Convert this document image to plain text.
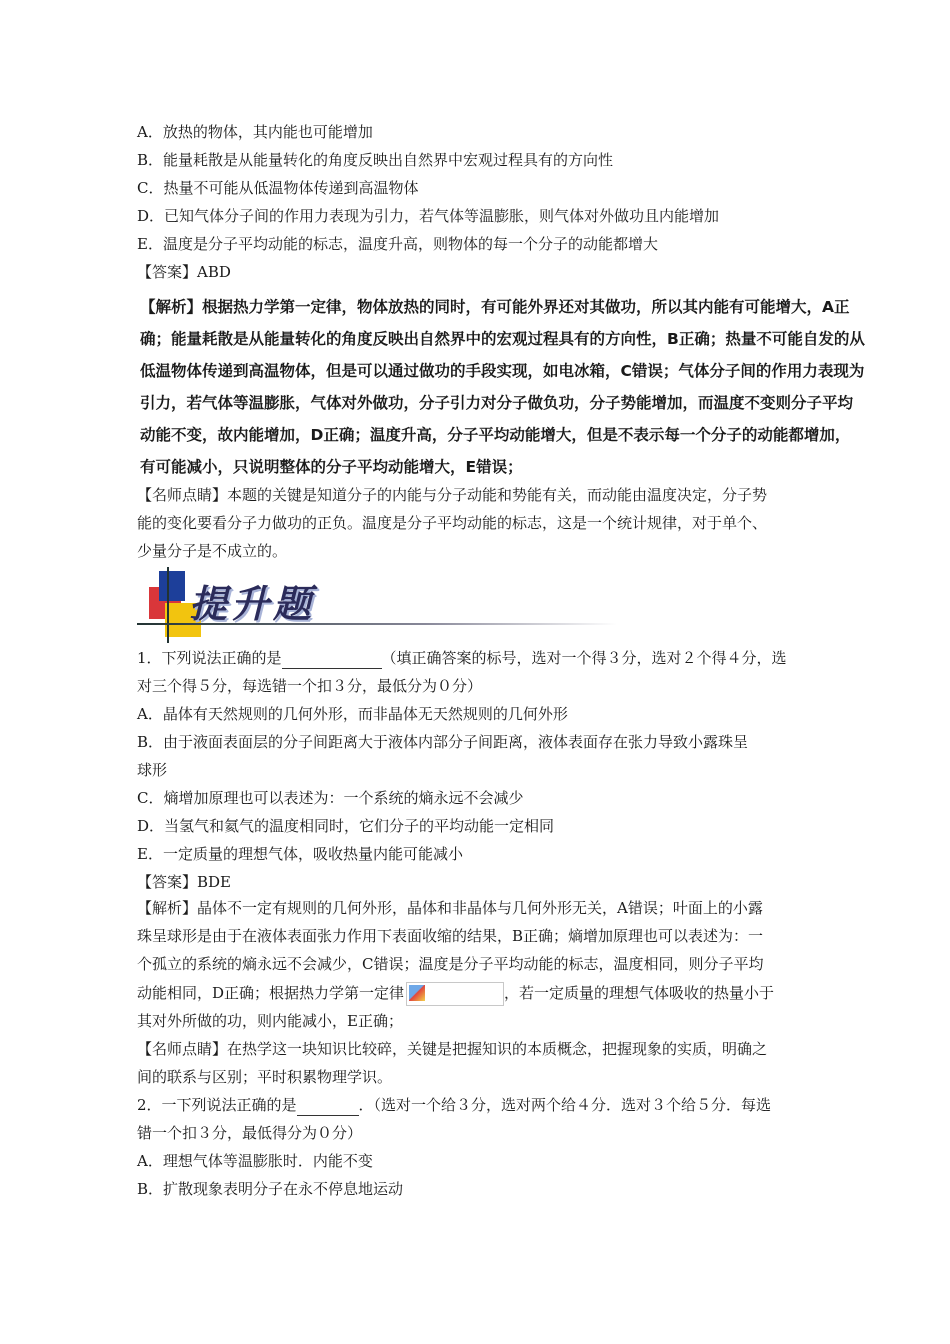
A．放热的物体，其内能也可能增加
B．能量耗散是从能量转化的角度反映出自然界中宏观过程具有的方向性
C．热量不可能从低温物体传递到高温物体
D．已知气体分子间的作用力表现为引力，若气体等温膨胀，则气体对外做功且内能增加
E．温度是分子平均动能的标志，温度升高，则物体的每一个分子的动能都增大
【答案】ABD
【解析】根据热力学第一定律，物体放热的同时，有可能外界还对其做功，所以其内能有可能增大，A正
确；能量耗散是从能量转化的角度反映出自然界中的宏观过程具有的方向性，B正确；热量不可能自发的从
低温物体传递到高温物体，但是可以通过做功的手段实现，如电冰箱，C错误；气体分子间的作用力表现为
引力，若气体等温膨胀，气体对外做功，分子引力对分子做负功，分子势能增加，而温度不变则分子平均
动能不变，故内能增加，D正确；温度升高，分子平均动能增大，但是不表示每一个分子的动能都增加，
有可能减小，只说明整体的分子平均动能增大，E错误；
【名师点睛】本题的关键是知道分子的内能与分子动能和势能有关，而动能由温度决定，分子势
能的变化要看分子力做功的正负。温度是分子平均动能的标志，这是一个统计规律，对于单个、
少量分子是不成立的。
提升题
1．下列说法正确的是	（填正确答案的标号，选对一个得３分，选对２个得４分，选
对三个得５分，每选错一个扣３分，最低分为０分）
A．晶体有天然规则的几何外形，而非晶体无天然规则的几何外形
B．由于液面表面层的分子间距离大于液体内部分子间距离，液体表面存在张力导致小露珠呈
球形
C．熵增加原理也可以表述为：一个系统的熵永远不会减少
D．当氢气和氦气的温度相同时，它们分子的平均动能一定相同
E．一定质量的理想气体，吸收热量内能可能减小
【答案】BDE
【解析】晶体不一定有规则的几何外形，晶体和非晶体与几何外形无关，A错误；叶面上的小露
珠呈球形是由于在液体表面张力作用下表面收缩的结果，B正确；熵增加原理也可以表述为：一
个孤立的系统的熵永远不会减少，C错误；温度是分子平均动能的标志，温度相同，则分子平均
动能相同，D正确；根据热力学第一定律	，若一定质量的理想气体吸收的热量小于
其对外所做的功，则内能减小，E正确；
【名师点睛】在热学这一块知识比较碎，关键是把握知识的本质概念，把握现象的实质，明确之
间的联系与区别；平时积累物理学识。
2．一下列说法正确的是	．（选对一个给３分，选对两个给４分．选对３个给５分．每选
错一个扣３分，最低得分为０分）
A．理想气体等温膨胀时．内能不变
B．扩散现象表明分子在永不停息地运动
